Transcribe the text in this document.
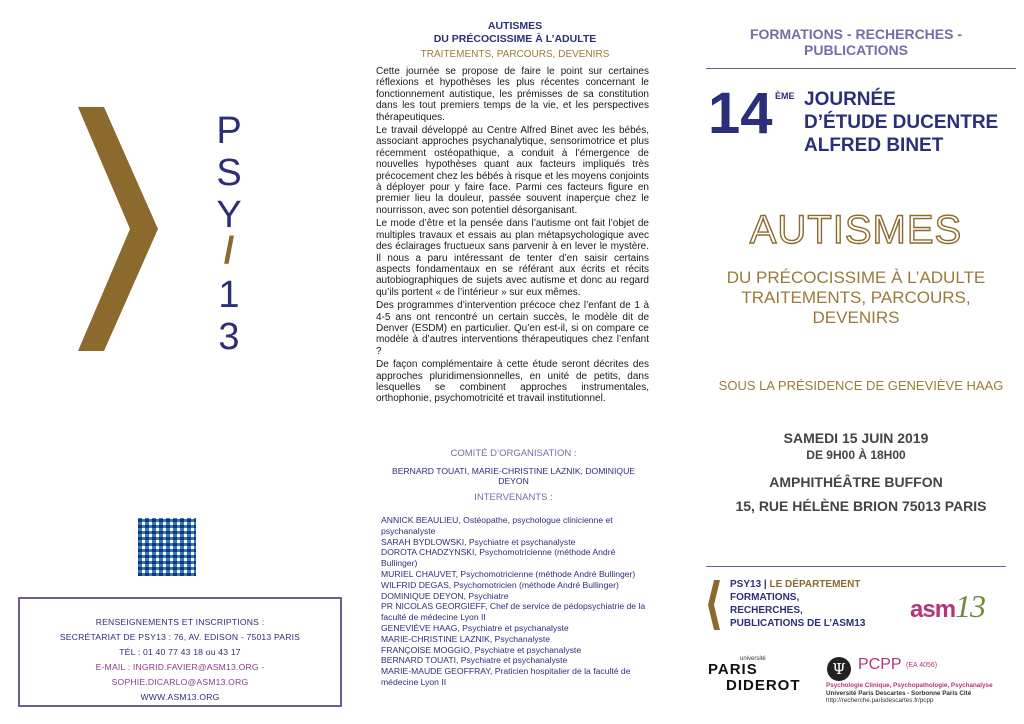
P
S
Y
/
1
3
RENSEIGNEMENTS ET INSCRIPTIONS :
SECRÉTARIAT DE PSY13 : 76, AV. EDISON - 75013 PARIS
TÉL : 01 40 77 43 18 ou 43 17
E-MAIL : INGRID.FAVIER@ASM13.ORG - SOPHIE.DICARLO@ASM13.ORG
WWW.ASM13.ORG
AUTISMES
DU PRÉCOCISSIME À L’ADULTE
TRAITEMENTS, PARCOURS, DEVENIRS

Cette journée se propose de faire le point sur certaines réflexions et hypothèses les plus récentes concernant le fonctionnement autistique, les prémisses de sa constitution dans les tout premiers temps de la vie, et les perspectives thérapeutiques.

Le travail développé au Centre Alfred Binet avec les bébés, associant approches psychanalytique, sensorimotrice et plus récemment ostéopathique, a conduit à l’émergence de nouvelles hypothèses quant aux facteurs impliqués très précocement chez les bébés à risque et les moyens conjoints à déployer pour y faire face. Parmi ces facteurs figure en premier lieu la douleur, passée souvent inaperçue chez le nourrisson, avec son potentiel désorganisant.

Le mode d’être et la pensée dans l’autisme ont fait l’objet de multiples travaux et essais au plan métapsychologique avec des éclairages fructueux sans parvenir à en lever le mystère. Il nous a paru intéressant de tenter d’en saisir certains aspects fondamentaux en se référant aux écrits et récits autobiographiques de sujets avec autisme et donc au regard qu’ils portent « de l’intérieur » sur eux mêmes.

Des programmes d’intervention précoce chez l’enfant de 1 à 4-5 ans ont rencontré un certain succès, le modèle dit de Denver (ESDM) en particulier. Qu’en est-il, si on compare ce modèle à d’autres interventions thérapeutiques chez l’enfant ?

De façon complémentaire à cette étude seront décrites des approches pluridimensionnelles, en unité de petits, dans lesquelles se combinent approches instrumentales, orthophonie, psychomotricité et travail institutionnel.

COMITÉ D’ORGANISATION :
BERNARD TOUATI, MARIE-CHRISTINE LAZNIK, DOMINIQUE DEYON
INTERVENANTS :
ANNICK BEAULIEU, Ostéopathe, psychologue clinicienne et psychanalyste
SARAH BYDLOWSKI, Psychiatre et psychanalyste
DOROTA CHADZYNSKI, Psychomotricienne (méthode André Bullinger)
MURIEL CHAUVET, Psychomotricienne (méthode André Bullinger)
WILFRID DEGAS, Psychomotricien (méthode André Bullinger)
DOMINIQUE DEYON, Psychiatre
PR NICOLAS GEORGIEFF, Chef de service de pédopsychiatrie de la faculté de médecine Lyon II
GENEVIÈVE HAAG, Psychiatre et psychanalyste
MARIE-CHRISTINE LAZNIK, Psychanalyste
FRANÇOISE MOGGIO, Psychiatre et psychanalyste
BERNARD TOUATI, Psychiatre et psychanalyste
MARIE-MAUDE GEOFFRAY, Praticien hospitalier de la faculté de médecine Lyon II
FORMATIONS - RECHERCHES -
PUBLICATIONS
14 ÈME JOURNÉE
D’ÉTUDE DUCENTRE
ALFRED BINET
AUTISMES
DU PRÉCOCISSIME À L’ADULTE
TRAITEMENTS, PARCOURS,
DEVENIRS
SOUS LA PRÉSIDENCE DE GENEVIÈVE HAAG
SAMEDI 15 JUIN 2019
DE 9H00 À 18H00
AMPHITHÉÂTRE BUFFON
15, RUE HÉLÈNE BRION 75013 PARIS
PSY13 | LE DÉPARTEMENT
FORMATIONS,
RECHERCHES,
PUBLICATIONS DE L’ASM13
asm13
université
PARIS
DIDEROT
Ψ PCPP (EA 4056)
Psychologie Clinique, Psychopathologie, Psychanalyse
Université Paris Descartes - Sorbonne Paris Cité
http://recherche.parisdescartes.fr/pcpp
